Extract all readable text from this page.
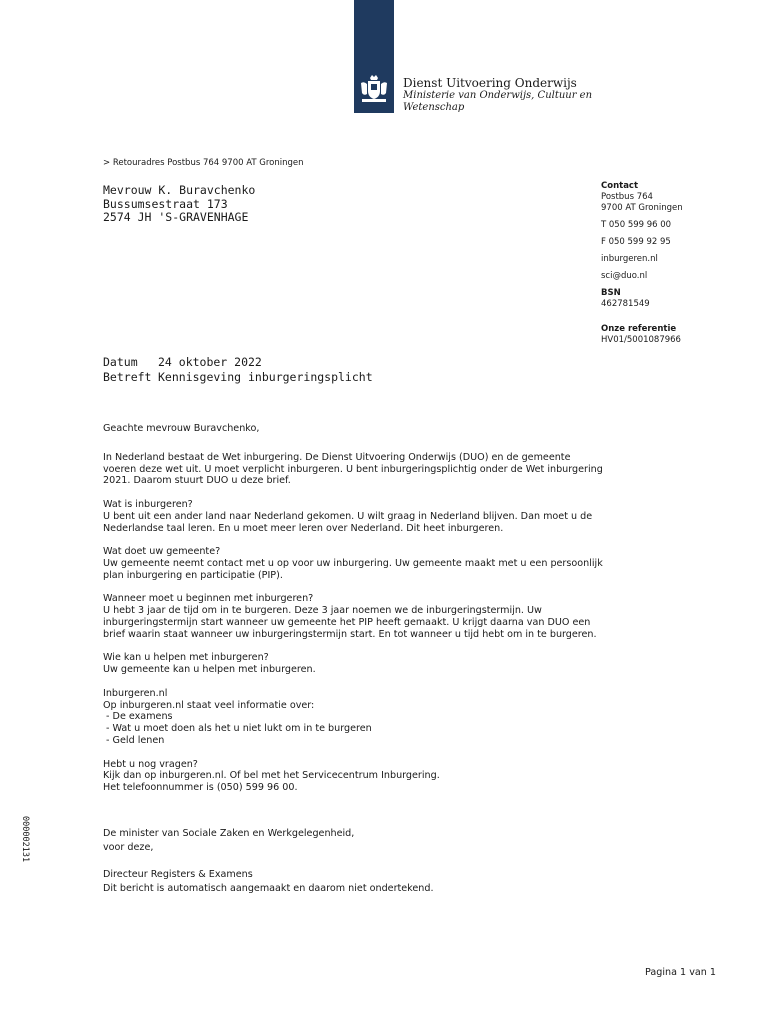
Dienst Uitvoering Onderwijs
Ministerie van Onderwijs, Cultuur en
Wetenschap
> Retouradres Postbus 764 9700 AT Groningen
Mevrouw K. Buravchenko
Bussumsestraat 173
2574 JH 'S-GRAVENHAGE
Contact
Postbus 764
9700 AT Groningen
T 050 599 96 00
F 050 599 92 95
inburgeren.nl
sci@duo.nl
BSN
462781549
Onze referentie
HV01/5001087966
Datum	24 oktober 2022
Betreft Kennisgeving inburgeringsplicht

Geachte mevrouw Buravchenko,

In Nederland bestaat de Wet inburgering. De Dienst Uitvoering Onderwijs (DUO) en de gemeente voeren deze wet uit. U moet verplicht inburgeren. U bent inburgeringsplichtig onder de Wet inburgering 2021. Daarom stuurt DUO u deze brief.

Wat is inburgeren?

U bent uit een ander land naar Nederland gekomen. U wilt graag in Nederland blijven. Dan moet u de Nederlandse taal leren. En u moet meer leren over Nederland. Dit heet inburgeren.

Wat doet uw gemeente?

Uw gemeente neemt contact met u op voor uw inburgering. Uw gemeente maakt met u een persoonlijk plan inburgering en participatie (PIP).

Wanneer moet u beginnen met inburgeren?

U hebt 3 jaar de tijd om in te burgeren. Deze 3 jaar noemen we de inburgeringstermijn. Uw inburgeringstermijn start wanneer uw gemeente het PIP heeft gemaakt. U krijgt daarna van DUO een brief waarin staat wanneer uw inburgeringstermijn start. En tot wanneer u tijd hebt om in te burgeren.

Wie kan u helpen met inburgeren?

Uw gemeente kan u helpen met inburgeren.

Inburgeren.nl
Op inburgeren.nl staat veel informatie over:
- De examens
- Wat u moet doen als het u niet lukt om in te burgeren
- Geld lenen
Hebt u nog vragen?
Kijk dan op inburgeren.nl. Of bel met het Servicecentrum Inburgering.
Het telefoonnummer is (050) 599 96 00.

De minister van Sociale Zaken en Werkgelegenheid,

voor deze,

Directeur Registers & Examens

Dit bericht is automatisch aangemaakt en daarom niet ondertekend.

000002131
Pagina 1 van 1
